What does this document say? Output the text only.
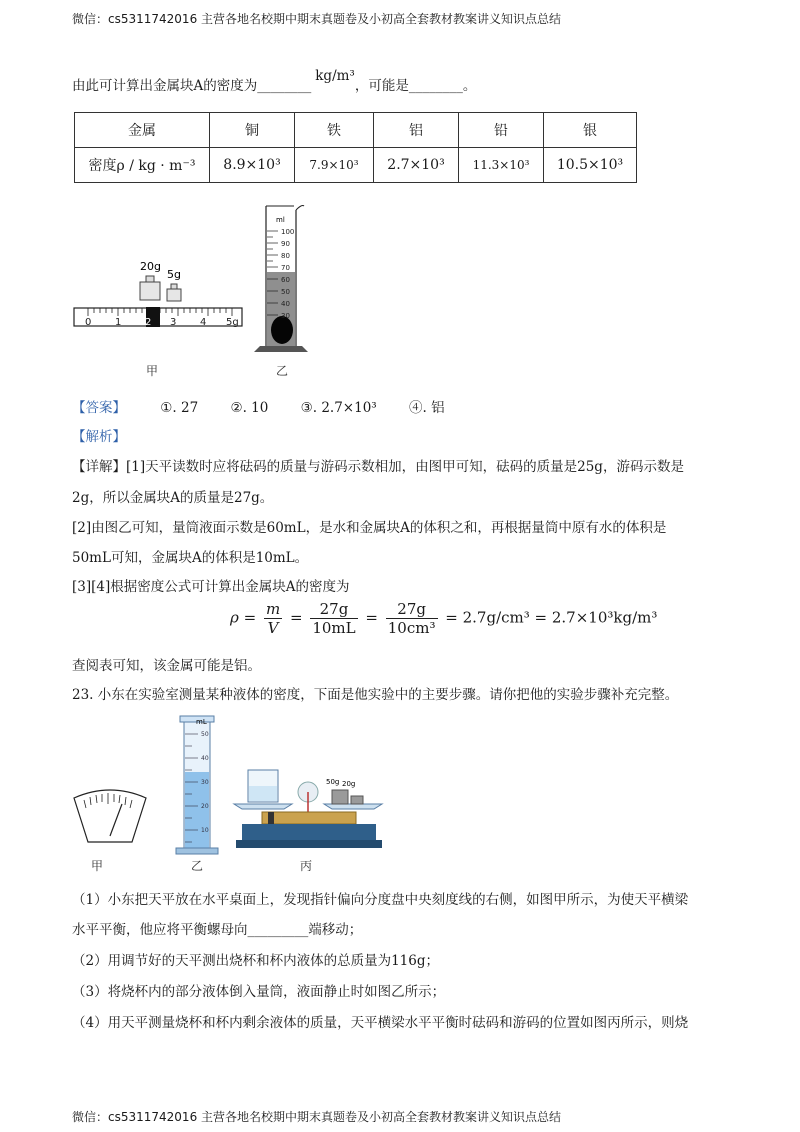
微信：cs5311742016 主营各地名校期中期末真题卷及小初高全套教材教案讲义知识点总结
微信：cs5311742016 主营各地名校期中期末真题卷及小初高全套教材教案讲义知识点总结
由此可计算出金属块A的密度为________kg/m³，可能是________。
金属	铜	铁	铝	铅	银
密度ρ / kg · m⁻³	8.9×10³	7.9×10³	2.7×10³	11.3×10³	10.5×10³
0 1 2 3 4 5g
20g
5g
ml
100
90
80
70
60
50
40
30
甲	乙
【答案】	①. 27 ②. 10 ③. 2.7×10³ ④. 铝
【解析】
【详解】[1]天平读数时应将砝码的质量与游码示数相加，由图甲可知，砝码的质量是25g，游码示数是
2g，所以金属块A的质量是27g。
[2]由图乙可知，量筒液面示数是60mL，是水和金属块A的体积之和，再根据量筒中原有水的体积是
50mL可知，金属块A的体积是10mL。
[3][4]根据密度公式可计算出金属块A的密度为
$\rho = \frac{m}{V} = \frac{27g}{10mL} = \frac{27g}{\text{10cm³}} = 2.7g/cm^3 = 2.7\times 10^3kg/m^3$
查阅表可知，该金属可能是铝。
23. 小东在实验室测量某种液体的密度，下面是他实验中的主要步骤。请你把他的实验步骤补充完整。
mL
50
40
30
20
10
50g 20g
甲	乙	丙
（1）小东把天平放在水平桌面上，发现指针偏向分度盘中央刻度线的右侧，如图甲所示，为使天平横梁
水平平衡，他应将平衡螺母向_________端移动；
（2）用调节好的天平测出烧杯和杯内液体的总质量为116g；
（3）将烧杯内的部分液体倒入量筒，液面静止时如图乙所示；
（4）用天平测量烧杯和杯内剩余液体的质量，天平横梁水平平衡时砝码和游码的位置如图丙所示，则烧
